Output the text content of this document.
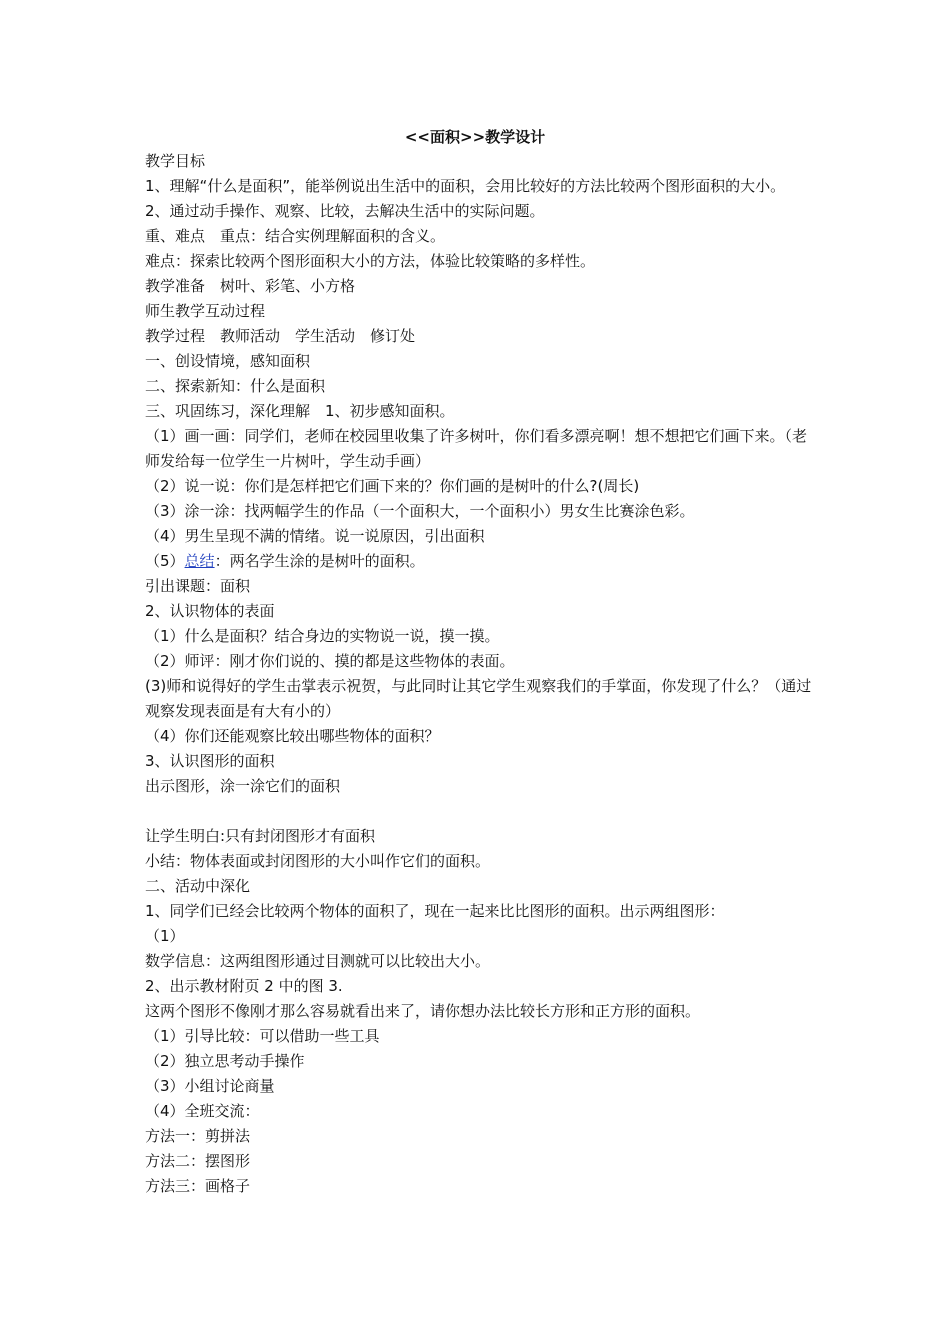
<<面积>>教学设计

教学目标

1、理解“什么是面积”，能举例说出生活中的面积，会用比较好的方法比较两个图形面积的大小。

2、通过动手操作、观察、比较，去解决生活中的实际问题。

重、难点　重点：结合实例理解面积的含义。

难点：探索比较两个图形面积大小的方法，体验比较策略的多样性。

教学准备　树叶、彩笔、小方格

师生教学互动过程

教学过程　教师活动　学生活动　修订处

一、创设情境，感知面积

二、探索新知：什么是面积

三、巩固练习，深化理解　1、初步感知面积。

（1）画一画：同学们，老师在校园里收集了许多树叶，你们看多漂亮啊！想不想把它们画下来。（老师发给每一位学生一片树叶，学生动手画）

（2）说一说：你们是怎样把它们画下来的？你们画的是树叶的什么?(周长)

（3）涂一涂：找两幅学生的作品（一个面积大，一个面积小）男女生比赛涂色彩。

（4）男生呈现不满的情绪。说一说原因，引出面积

（5）总结：两名学生涂的是树叶的面积。

引出课题：面积

2、认识物体的表面

（1）什么是面积？结合身边的实物说一说，摸一摸。

（2）师评：刚才你们说的、摸的都是这些物体的表面。

(3)师和说得好的学生击掌表示祝贺，与此同时让其它学生观察我们的手掌面，你发现了什么？（通过观察发现表面是有大有小的）

（4）你们还能观察比较出哪些物体的面积？

3、认识图形的面积

出示图形，涂一涂它们的面积

让学生明白:只有封闭图形才有面积

小结：物体表面或封闭图形的大小叫作它们的面积。

二、活动中深化

1、同学们已经会比较两个物体的面积了，现在一起来比比图形的面积。出示两组图形：

（1）

数学信息：这两组图形通过目测就可以比较出大小。

2、出示教材附页 2 中的图 3.

这两个图形不像刚才那么容易就看出来了，请你想办法比较长方形和正方形的面积。

（1）引导比较：可以借助一些工具

（2）独立思考动手操作

（3）小组讨论商量

（4）全班交流：

方法一：剪拼法

方法二：摆图形

方法三：画格子
